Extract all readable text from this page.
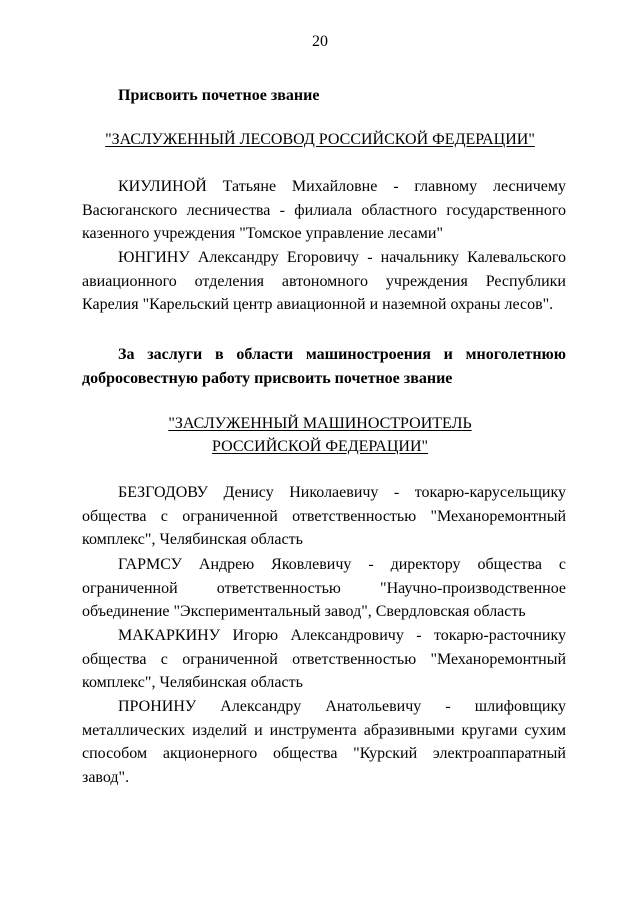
20
Присвоить почетное звание
"ЗАСЛУЖЕННЫЙ ЛЕСОВОД РОССИЙСКОЙ ФЕДЕРАЦИИ"
КИУЛИНОЙ Татьяне Михайловне - главному лесничему Васюганского лесничества - филиала областного государственного казенного учреждения "Томское управление лесами"
ЮНГИНУ Александру Егоровичу - начальнику Калевальского авиационного отделения автономного учреждения Республики Карелия "Карельский центр авиационной и наземной охраны лесов".
За заслуги в области машиностроения и многолетнюю добросовестную работу присвоить почетное звание
"ЗАСЛУЖЕННЫЙ МАШИНОСТРОИТЕЛЬ
РОССИЙСКОЙ ФЕДЕРАЦИИ"
БЕЗГОДОВУ Денису Николаевичу - токарю-карусельщику общества с ограниченной ответственностью "Механоремонтный комплекс", Челябинская область
ГАРМСУ Андрею Яковлевичу - директору общества с ограниченной ответственностью "Научно-производственное объединение "Экспериментальный завод", Свердловская область
МАКАРКИНУ Игорю Александровичу - токарю-расточнику общества с ограниченной ответственностью "Механоремонтный комплекс", Челябинская область
ПРОНИНУ Александру Анатольевичу - шлифовщику металлических изделий и инструмента абразивными кругами сухим способом акционерного общества "Курский электроаппаратный завод".
